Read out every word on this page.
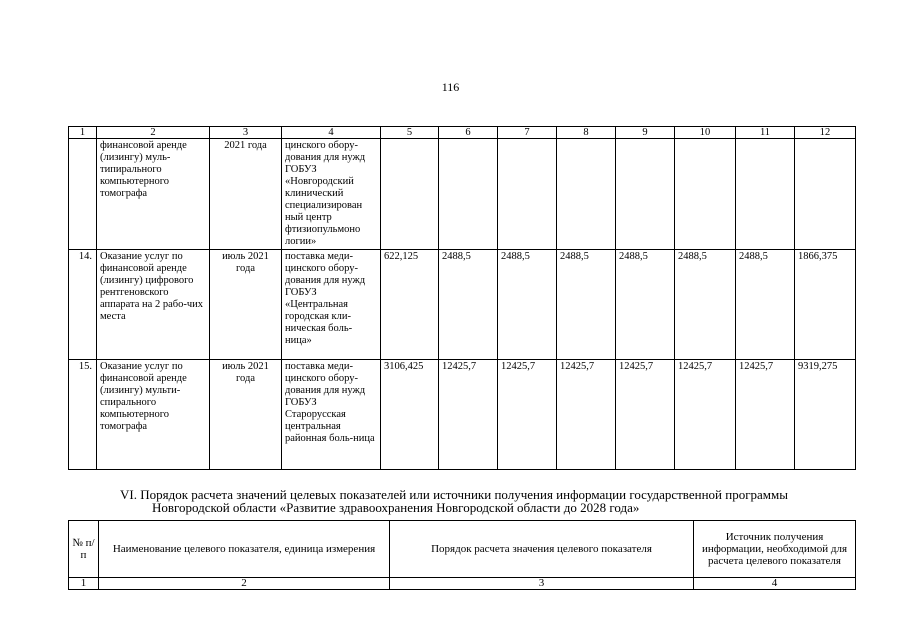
116
1	2	3	4	5	6	7	8	9	10	11	12
	финансовой аренде (лизингу) муль-типирального компьютерного томографа	2021 года	цинского обору-дования для нужд ГОБУЗ «Новгородский клинический специализирован ный центр фтизиопульмоно логии»								
14.	Оказание услуг по финансовой аренде (лизингу) цифрового рентгеновского аппарата на 2 рабо-чих места	июль 2021 года	поставка меди-цинского обору-дования для нужд ГОБУЗ «Центральная городская кли-ническая боль-ница»	622,125	2488,5	2488,5	2488,5	2488,5	2488,5	2488,5	1866,375
15.	Оказание услуг по финансовой аренде (лизингу) мульти-спирального компьютерного томографа	июль 2021 года	поставка меди-цинского обору-дования для нужд ГОБУЗ Старорусская центральная районная боль-ница	3106,425	12425,7	12425,7	12425,7	12425,7	12425,7	12425,7	9319,275
VI. Порядок расчета значений целевых показателей или источники получения информации государственной программы
Новгородской области «Развитие здравоохранения Новгородской области до 2028 года»
№ п/п	Наименование целевого показателя, единица измерения	Порядок расчета значения целевого показателя	Источник получения информации, необходимой для расчета целевого показателя
1	2	3	4
